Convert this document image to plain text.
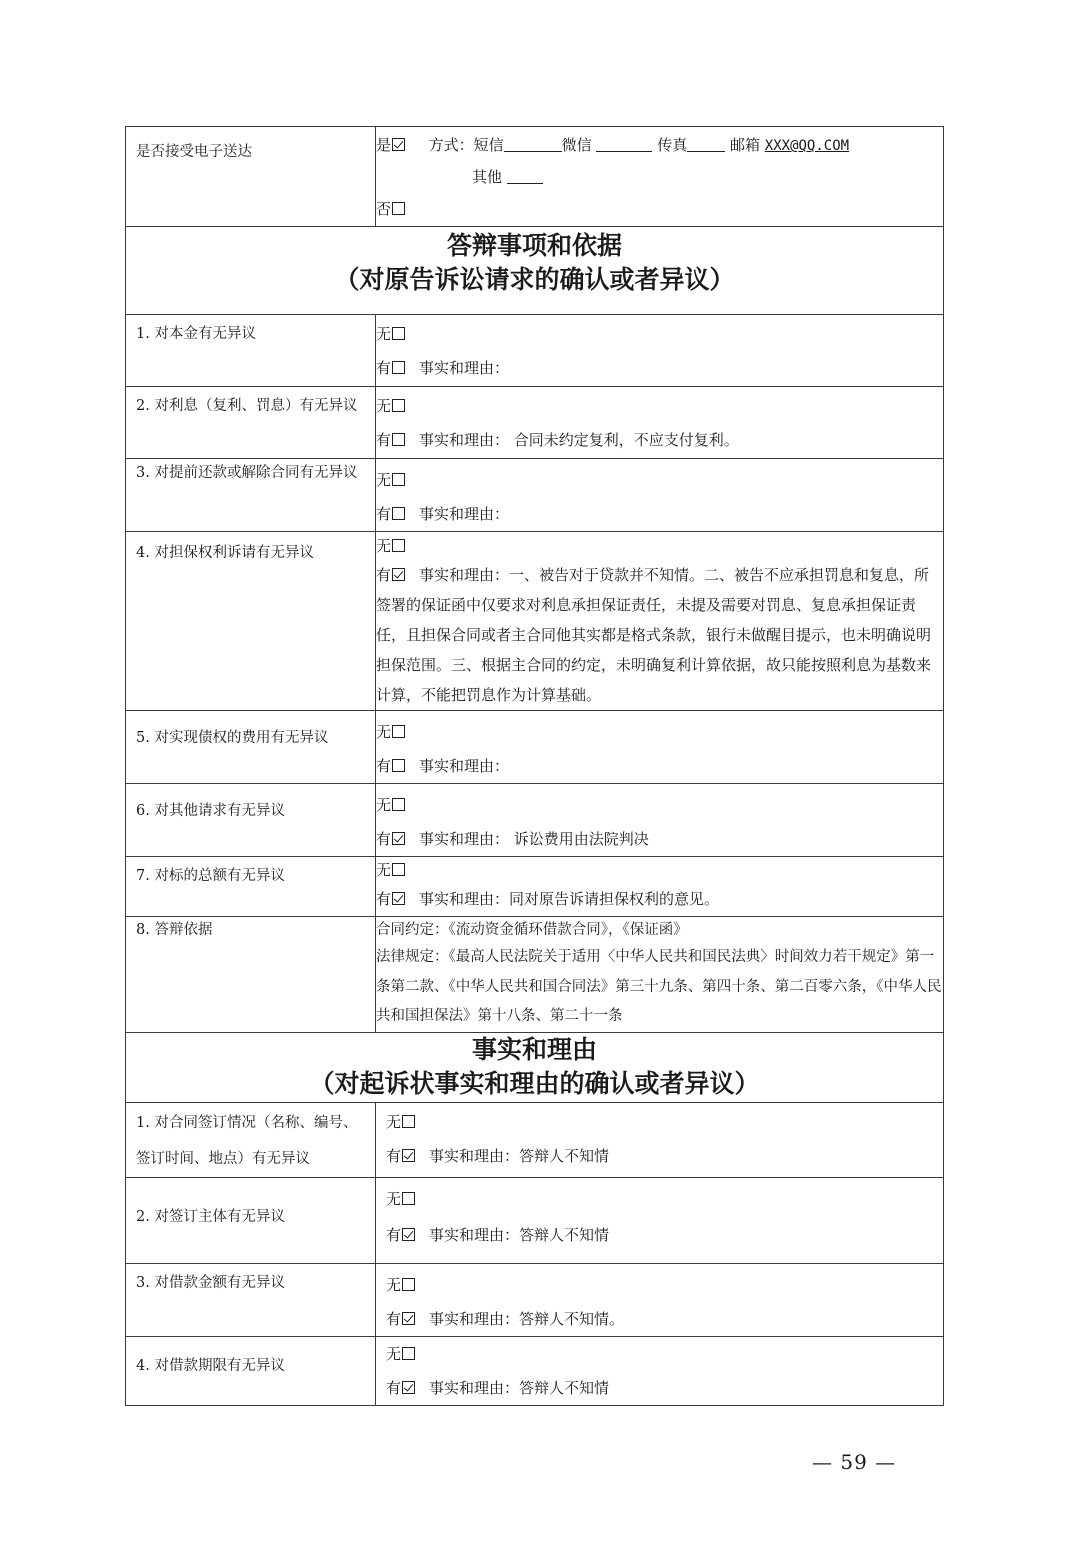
是否接受电子送达	是 方式：短信 微信 传真 邮箱 XXX@QQ.COM
其他
否

答辩事项和依据
（对原告诉讼请求的确认或者异议）	

1. 对本金有无异议	无
有 事实和理由：

2. 对利息（复利、罚息）有无异议	无
有 事实和理由： 合同未约定复利，不应支付复利。

3. 对提前还款或解除合同有无异议	无
有 事实和理由：

4. 对担保权利诉请有无异议	无
有 事实和理由：一、被告对于贷款并不知情。二、被告不应承担罚息和复息，所签署的保证函中仅要求对利息承担保证责任，未提及需要对罚息、复息承担保证责任，且担保合同或者主合同他其实都是格式条款，银行未做醒目提示，也未明确说明担保范围。三、根据主合同的约定，未明确复利计算依据，故只能按照利息为基数来计算，不能把罚息作为计算基础。

5. 对实现债权的费用有无异议	无
有 事实和理由：

6. 对其他请求有无异议	无
有 事实和理由： 诉讼费用由法院判决

7. 对标的总额有无异议	无
有 事实和理由：同对原告诉请担保权利的意见。

8. 答辩依据	合同约定：《流动资金循环借款合同》，《保证函》
法律规定：《最高人民法院关于适用〈中华人民共和国民法典〉时间效力若干规定》第一条第二款、《中华人民共和国合同法》第三十九条、第四十条、第二百零六条，《中华人民共和国担保法》第十八条、第二十一条

事实和理由
（对起诉状事实和理由的确认或者异议）	

1. 对合同签订情况（名称、编号、签订时间、地点）有无异议	无
有 事实和理由：答辩人不知情

2. 对签订主体有无异议	无
有 事实和理由：答辩人不知情

3. 对借款金额有无异议	无
有 事实和理由：答辩人不知情。

4. 对借款期限有无异议	无
有 事实和理由：答辩人不知情
— 59 —
